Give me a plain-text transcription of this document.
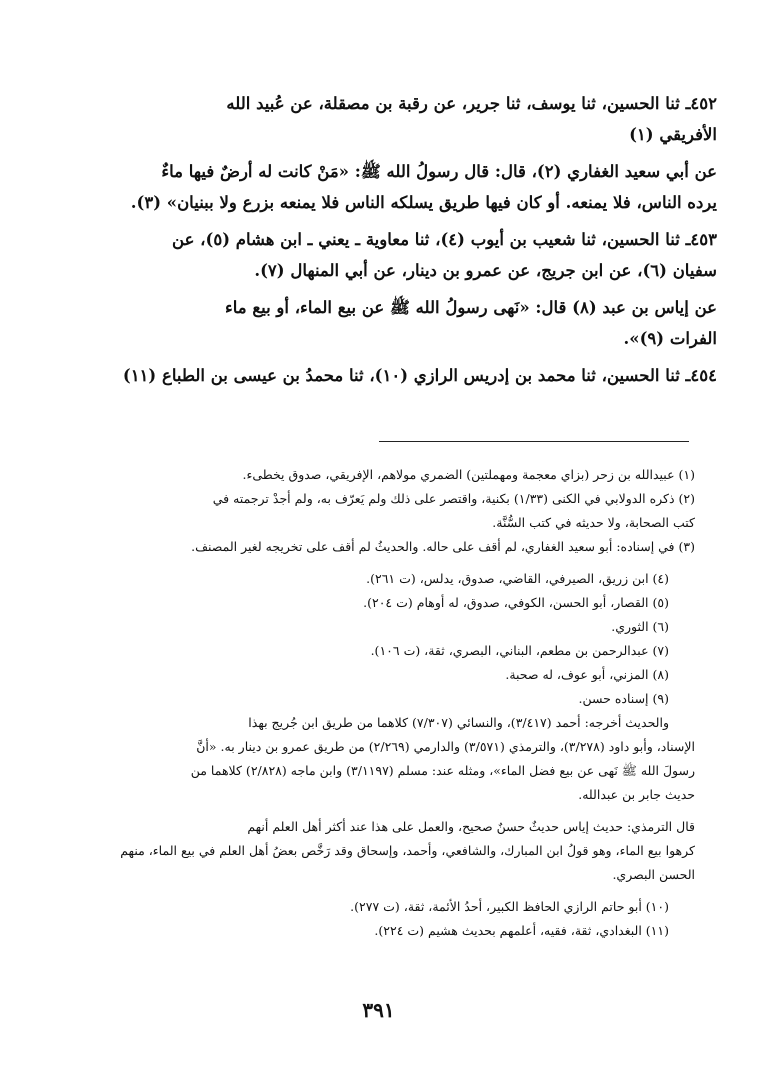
٤٥٢ـ ثنا الحسين، ثنا يوسف، ثنا جرير، عن رقبة بن مصقلة، عن عُبيد الله

الأفريقي (١)

عن أبي سعيد الغفاري (٢)، قال: قال رسولُ الله ﷺ: «مَنْ كانت له أرضٌ فيها ماءٌ

يرده الناس، فلا يمنعه. أو كان فيها طريق يسلكه الناس فلا يمنعه بزرع ولا ببنيان» (٣).

٤٥٣ـ ثنا الحسين، ثنا شعيب بن أيوب (٤)، ثنا معاوية ـ يعني ـ ابن هشام (٥)، عن

سفيان (٦)، عن ابن جريج، عن عمرو بن دينار، عن أبي المنهال (٧).

عن إياس بن عبد (٨) قال: «نَهى رسولُ الله ﷺ عن بيع الماء، أو بيع ماء

الفرات (٩)».

٤٥٤ـ ثنا الحسين، ثنا محمد بن إدريس الرازي (١٠)، ثنا محمدُ بن عيسى بن الطباع (١١)

(١) عبيدالله بن زحر (بزاي معجمة ومهملتين) الضمري مولاهم، الإفريقي، صدوق يخطىء.

(٢) ذكره الدولابي في الكنى (١/٣٣) بكنية، واقتصر على ذلك ولم يَعرّف به، ولم أجدْ ترجمته في

كتب الصحابة، ولا حديثه في كتب السُّنَّة.

(٣) في إسناده: أبو سعيد الغفاري، لم أقف على حاله. والحديثُ لم أقف على تخريجه لغير المصنف.

(٤) ابن زريق، الصيرفي، القاضي، صدوق، يدلس، (ت ٢٦١).

(٥) القصار، أبو الحسن، الكوفي، صدوق، له أوهام (ت ٢٠٤).

(٦) الثوري.

(٧) عبدالرحمن بن مطعم، البناني، البصري، ثقة، (ت ١٠٦).

(٨) المزني، أبو عوف، له صحبة.

(٩) إسناده حسن.

والحديث أخرجه: أحمد (٣/٤١٧)، والنسائي (٧/٣٠٧) كلاهما من طريق ابن جُريج بهذا

الإسناد، وأبو داود (٣/٢٧٨)، والترمذي (٣/٥٧١) والدارمي (٢/٢٦٩) من طريق عمرو بن دينار به. «أنَّ

رسولَ الله ﷺ نَهى عن بيع فضل الماء»، ومثله عند: مسلم (٣/١١٩٧) وابن ماجه (٢/٨٢٨) كلاهما من

حديث جابر بن عبدالله.

قال الترمذي: حديث إياس حديثٌ حسنٌ صحيح، والعمل على هذا عند أكثر أهل العلم أنهم

كرهوا بيع الماء، وهو قولُ ابن المبارك، والشافعي، وأحمد، وإسحاق وقد رَخَّص بعضُ أهل العلم في بيع الماء، منهم

الحسن البصري.

(١٠) أبو حاتم الرازي الحافظ الكبير، أحدُ الأئمة، ثقة، (ت ٢٧٧).

(١١) البغدادي، ثقة، فقيه، أعلمهم بحديث هشيم (ت ٢٢٤).

٣٩١
